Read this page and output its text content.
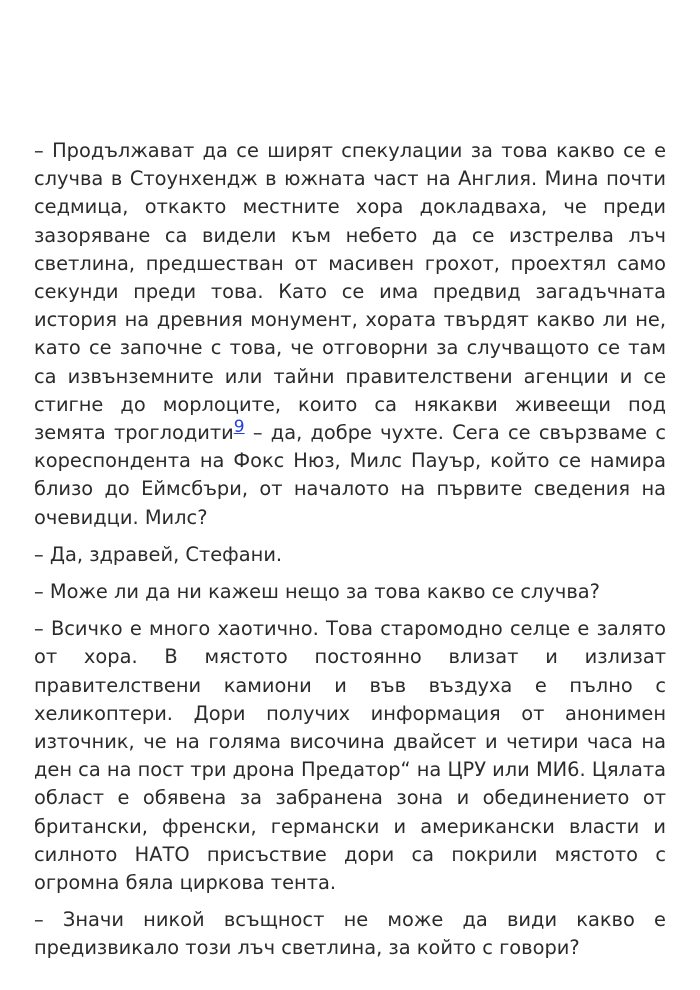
– Продължават да се ширят спекулации за това какво се е случва в Стоунхендж в южната част на Англия. Мина почти седмица, откакто местните хора докладваха, че преди зазоряване са видели към небето да се изстрелва лъч светлина, предшестван от масивен грохот, проехтял само секунди преди това. Като се има предвид загадъчната история на древния монумент, хората твърдят какво ли не, като се започне с това, че отговорни за случващото се там са извънземните или тайни правителствени агенции и се стигне до морлоците, които са някакви живеещи под земята троглодити9 – да, добре чухте. Сега се свързваме с кореспондента на Фокс Нюз, Милс Пауър, който се намира близо до Еймсбъри, от началото на първите сведения на очевидци. Милс?

– Да, здравей, Стефани.

– Може ли да ни кажеш нещо за това какво се случва?

– Всичко е много хаотично. Това старомодно селце е залято от хора. В мястото постоянно влизат и излизат правителствени камиони и във въздуха е пълно с хеликоптери. Дори получих информация от анонимен източник, че на голяма височина двайсет и четири часа на ден са на пост три дрона Предатор“ на ЦРУ или МИ6. Цялата област е обявена за забранена зона и обединението от британски, френски, германски и американски власти и силното НАТО присъствие дори са покрили мястото с огромна бяла циркова тента.

– Значи никой всъщност не може да види какво е предизвикало този лъч светлина, за който с говори?
